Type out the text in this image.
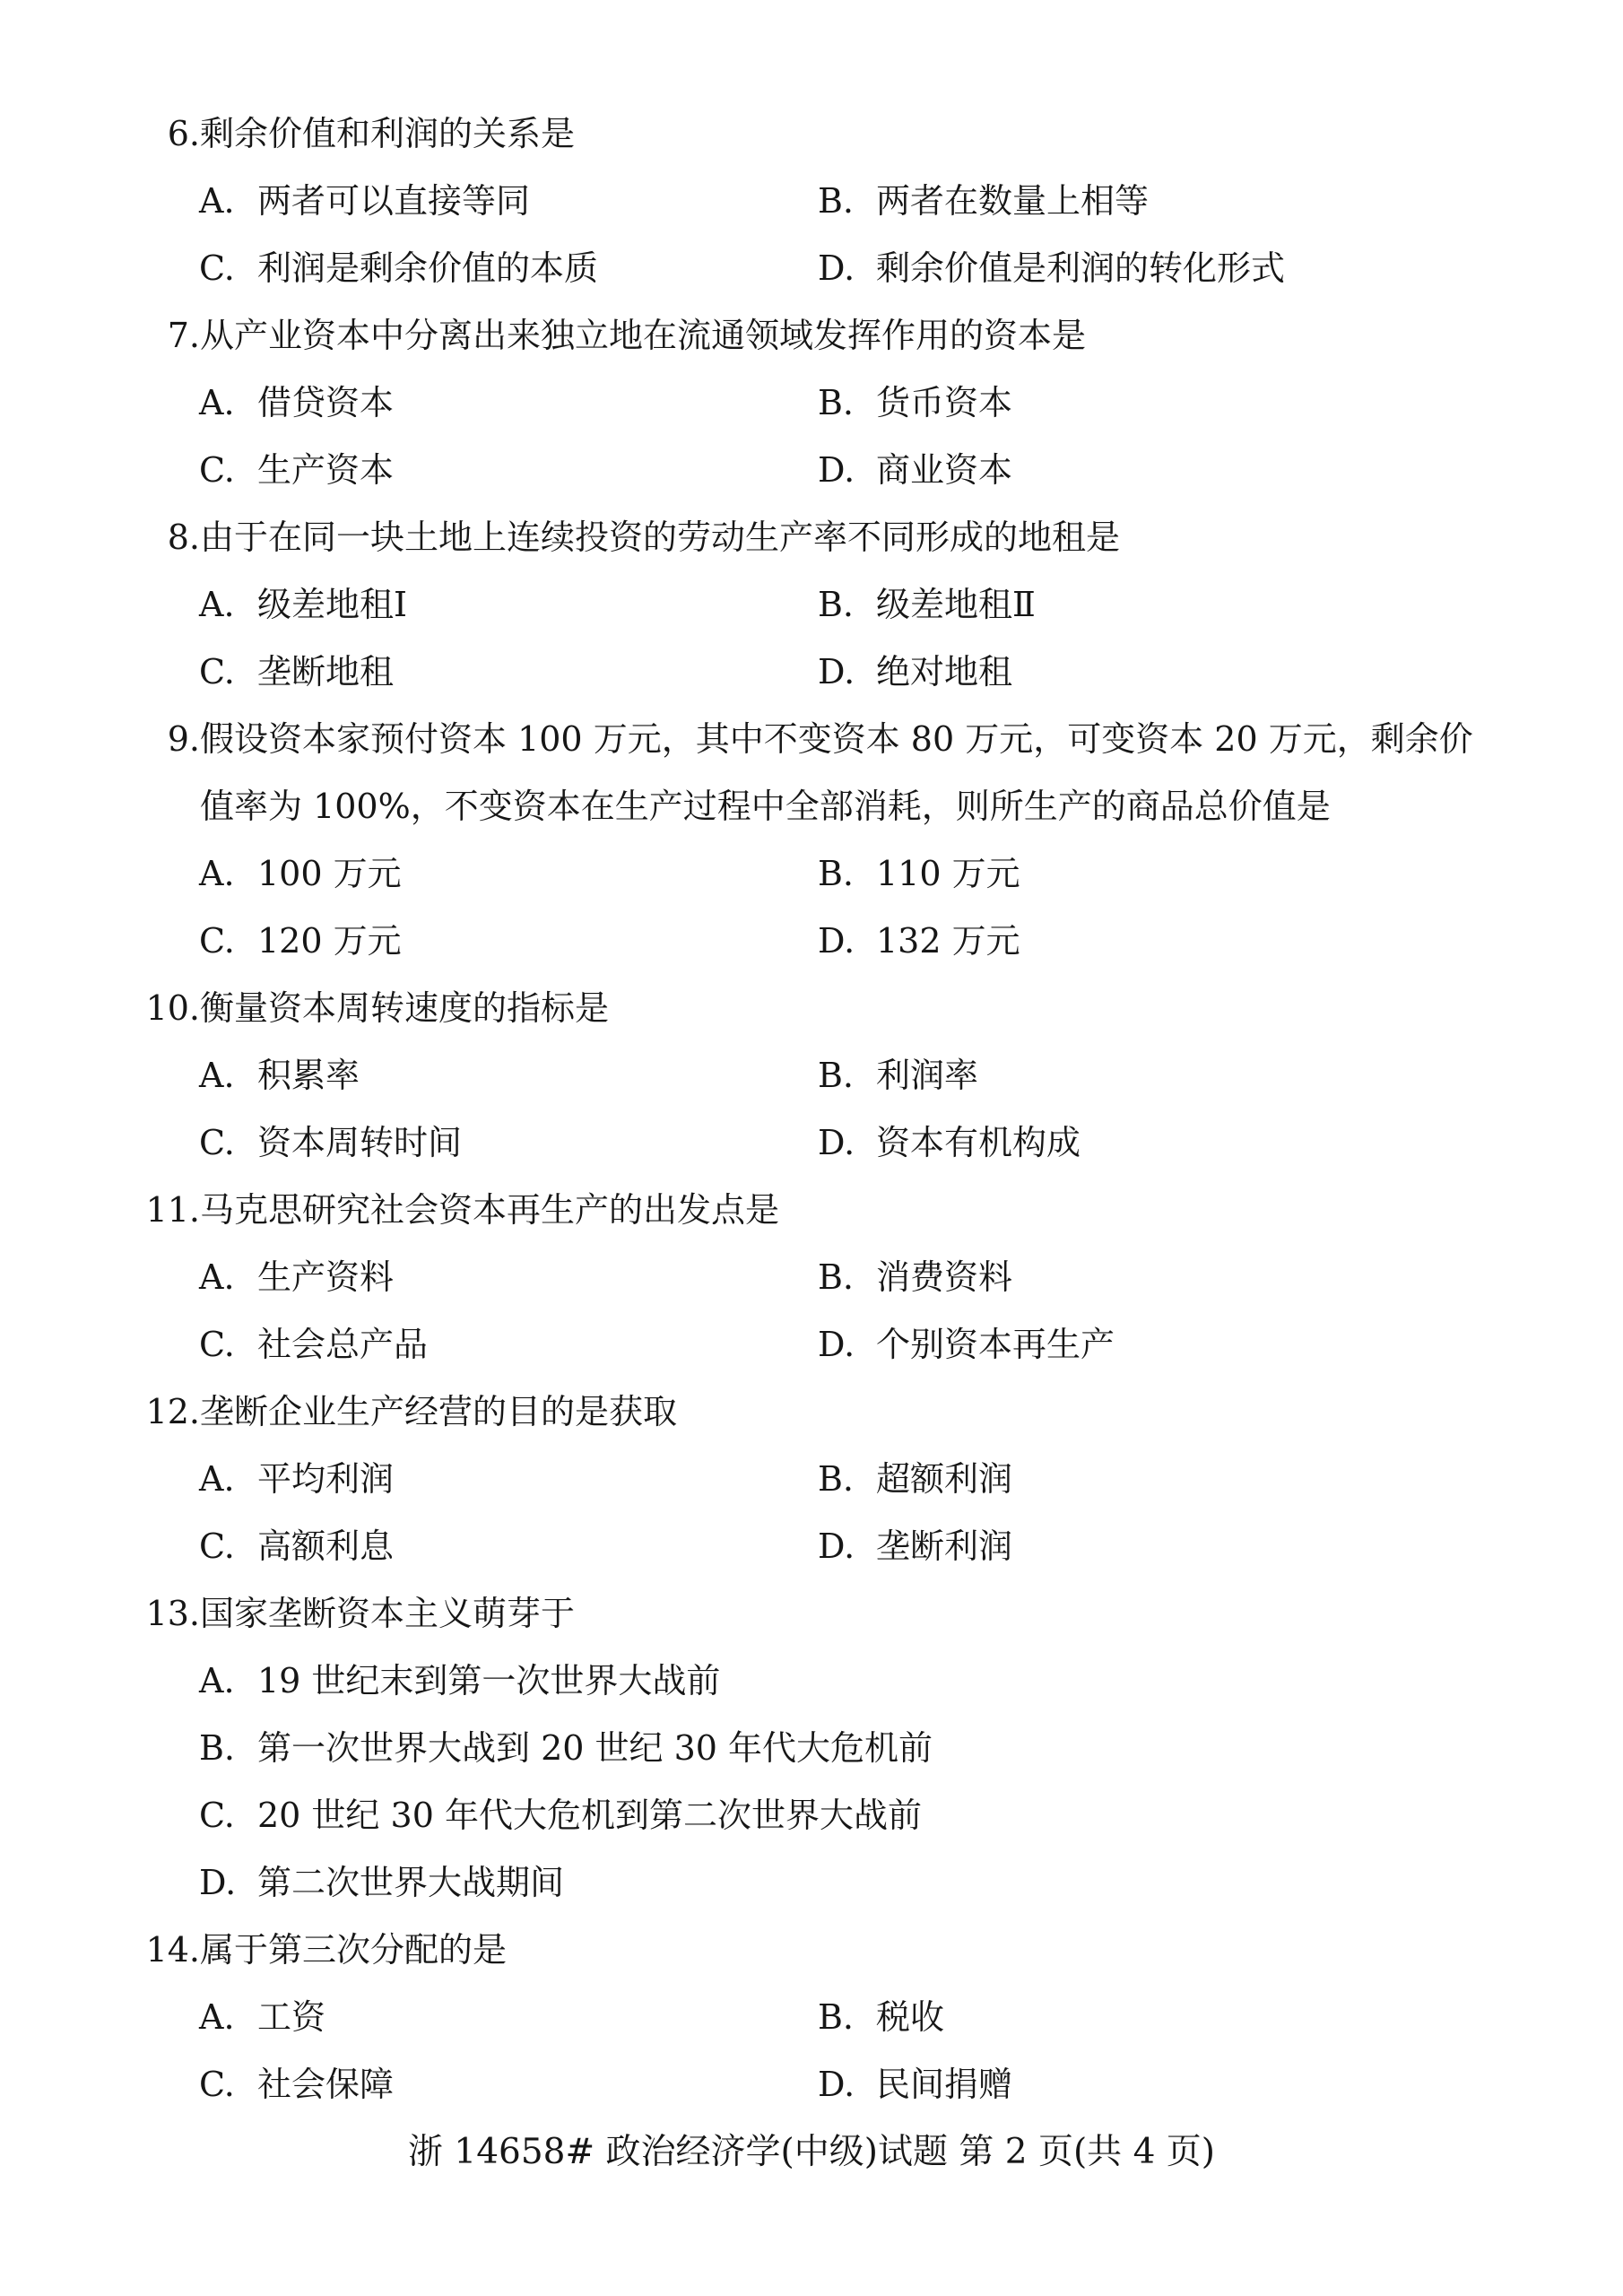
6.剩余价值和利润的关系是
A. 两者可以直接等同	B. 两者在数量上相等
C. 利润是剩余价值的本质	D. 剩余价值是利润的转化形式
7.从产业资本中分离出来独立地在流通领域发挥作用的资本是
A. 借贷资本	B. 货币资本
C. 生产资本	D. 商业资本
8.由于在同一块土地上连续投资的劳动生产率不同形成的地租是
A. 级差地租Ⅰ	B. 级差地租Ⅱ
C. 垄断地租	D. 绝对地租
9.假设资本家预付资本 100 万元，其中不变资本 80 万元，可变资本 20 万元，剩余价
值率为 100%，不变资本在生产过程中全部消耗，则所生产的商品总价值是
A. 100 万元	B. 110 万元
C. 120 万元	D. 132 万元
10.衡量资本周转速度的指标是
A. 积累率	B. 利润率
C. 资本周转时间	D. 资本有机构成
11.马克思研究社会资本再生产的出发点是
A. 生产资料	B. 消费资料
C. 社会总产品	D. 个别资本再生产
12.垄断企业生产经营的目的是获取
A. 平均利润	B. 超额利润
C. 高额利息	D. 垄断利润
13.国家垄断资本主义萌芽于
A. 19 世纪末到第一次世界大战前
B. 第一次世界大战到 20 世纪 30 年代大危机前
C. 20 世纪 30 年代大危机到第二次世界大战前
D. 第二次世界大战期间
14.属于第三次分配的是
A. 工资	B. 税收
C. 社会保障	D. 民间捐赠
浙 14658# 政治经济学(中级)试题 第 2 页(共 4 页)
